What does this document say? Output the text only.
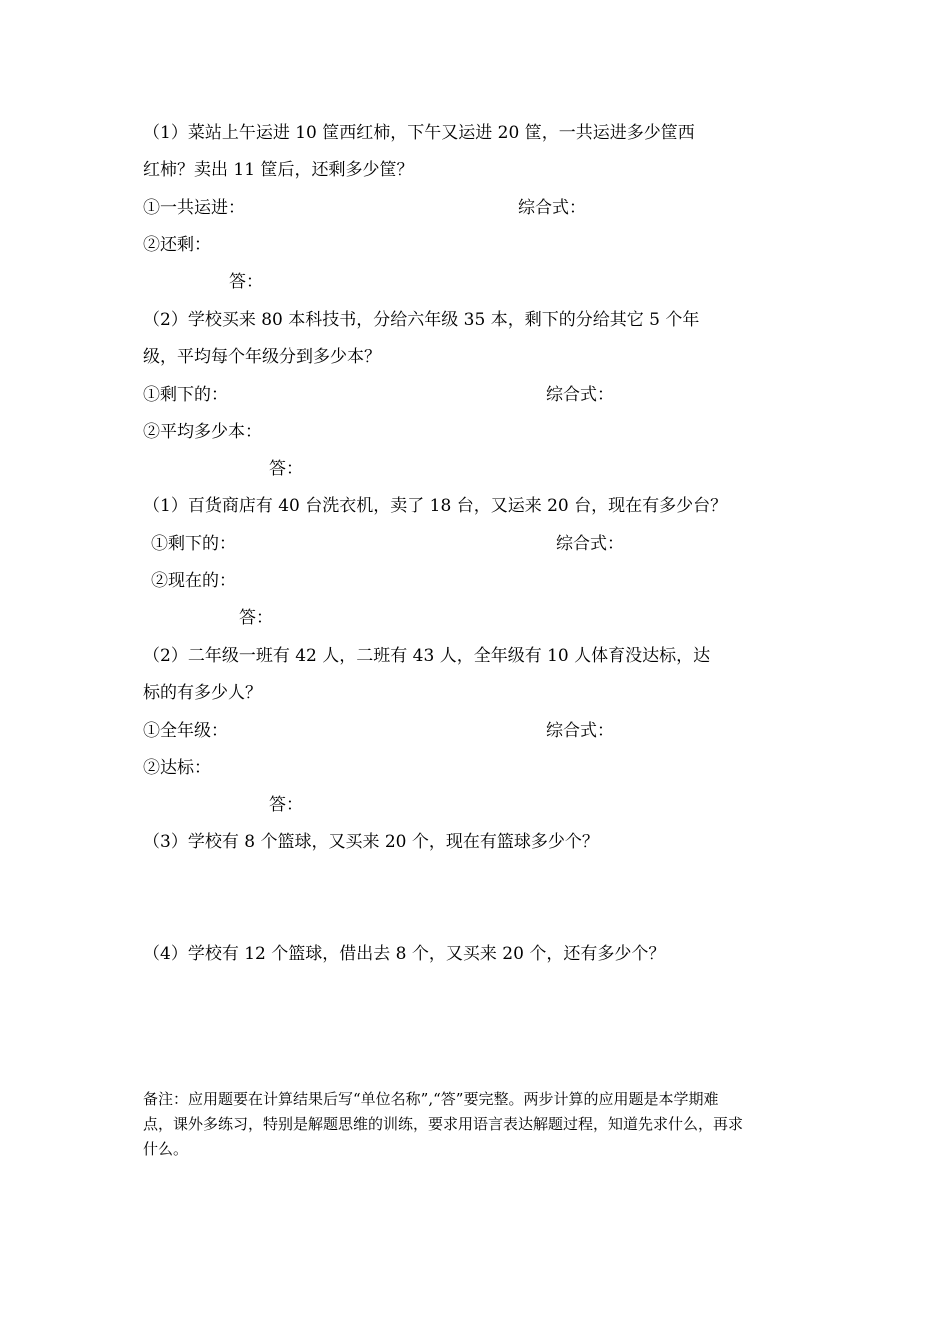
（1）菜站上午运进 10 筐西红柿，下午又运进 20 筐，一共运进多少筐西
红柿？卖出 11 筐后，还剩多少筐？
①一共运进：	综合式：
②还剩：
答：
（2）学校买来 80 本科技书，分给六年级 35 本，剩下的分给其它 5 个年
级，平均每个年级分到多少本？
①剩下的：	综合式：
②平均多少本：
答：
（1）百货商店有 40 台洗衣机，卖了 18 台，又运来 20 台，现在有多少台？
①剩下的：	综合式：
②现在的：
答：
（2）二年级一班有 42 人，二班有 43 人，全年级有 10 人体育没达标，达
标的有多少人？
①全年级：	综合式：
②达标：
答：
（3）学校有 8 个篮球，又买来 20 个，现在有篮球多少个？
（4）学校有 12 个篮球，借出去 8 个，又买来 20 个，还有多少个？
备注：应用题要在计算结果后写“单位名称”,“答”要完整。两步计算的应用题是本学期难
点，课外多练习，特别是解题思维的训练，要求用语言表达解题过程，知道先求什么，再求
什么。
